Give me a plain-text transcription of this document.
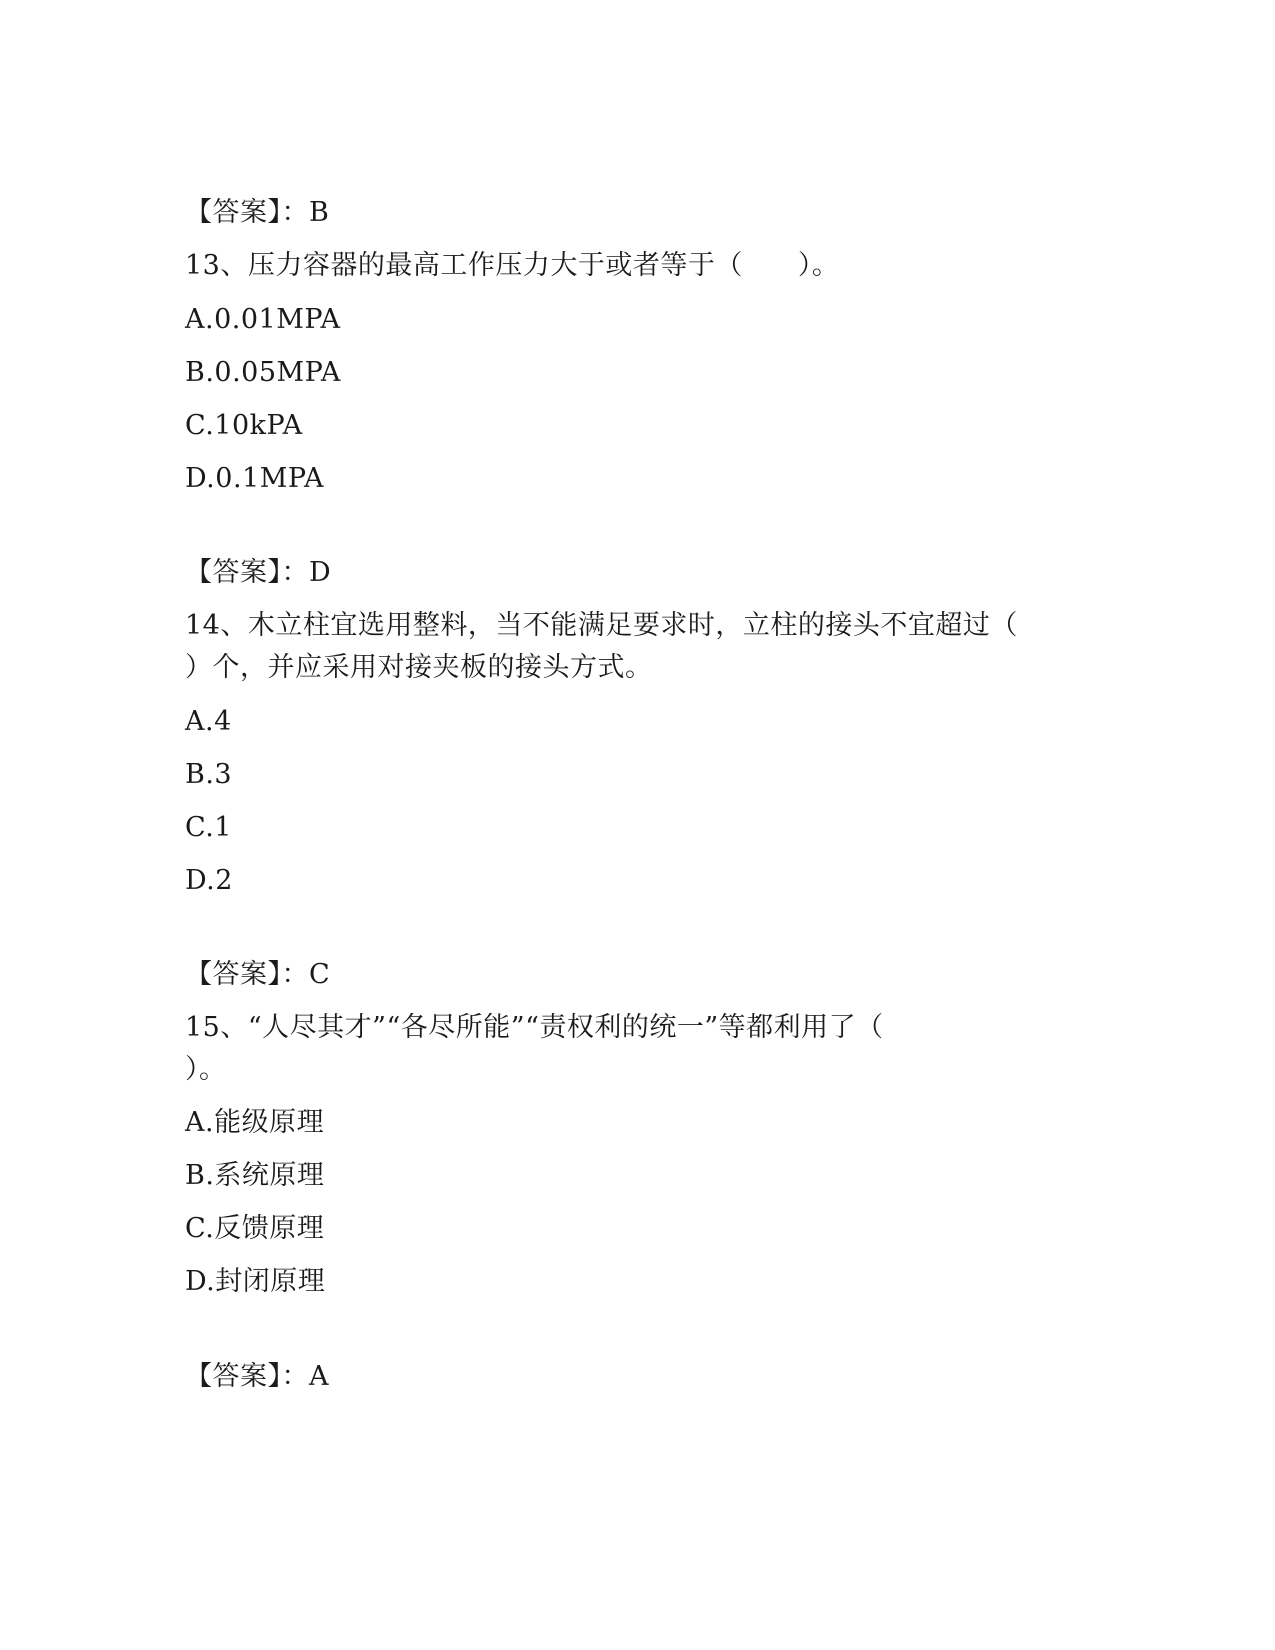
【答案】：B
13、压力容器的最高工作压力大于或者等于（　　）。
A.0.01MPA
B.0.05MPA
C.10kPA
D.0.1MPA
【答案】：D
14、木立柱宜选用整料，当不能满足要求时，立柱的接头不宜超过（
）个，并应采用对接夹板的接头方式。
A.4
B.3
C.1
D.2
【答案】：C
15、“人尽其才”“各尽所能”“责权利的统一”等都利用了（
）。
A.能级原理
B.系统原理
C.反馈原理
D.封闭原理
【答案】：A
